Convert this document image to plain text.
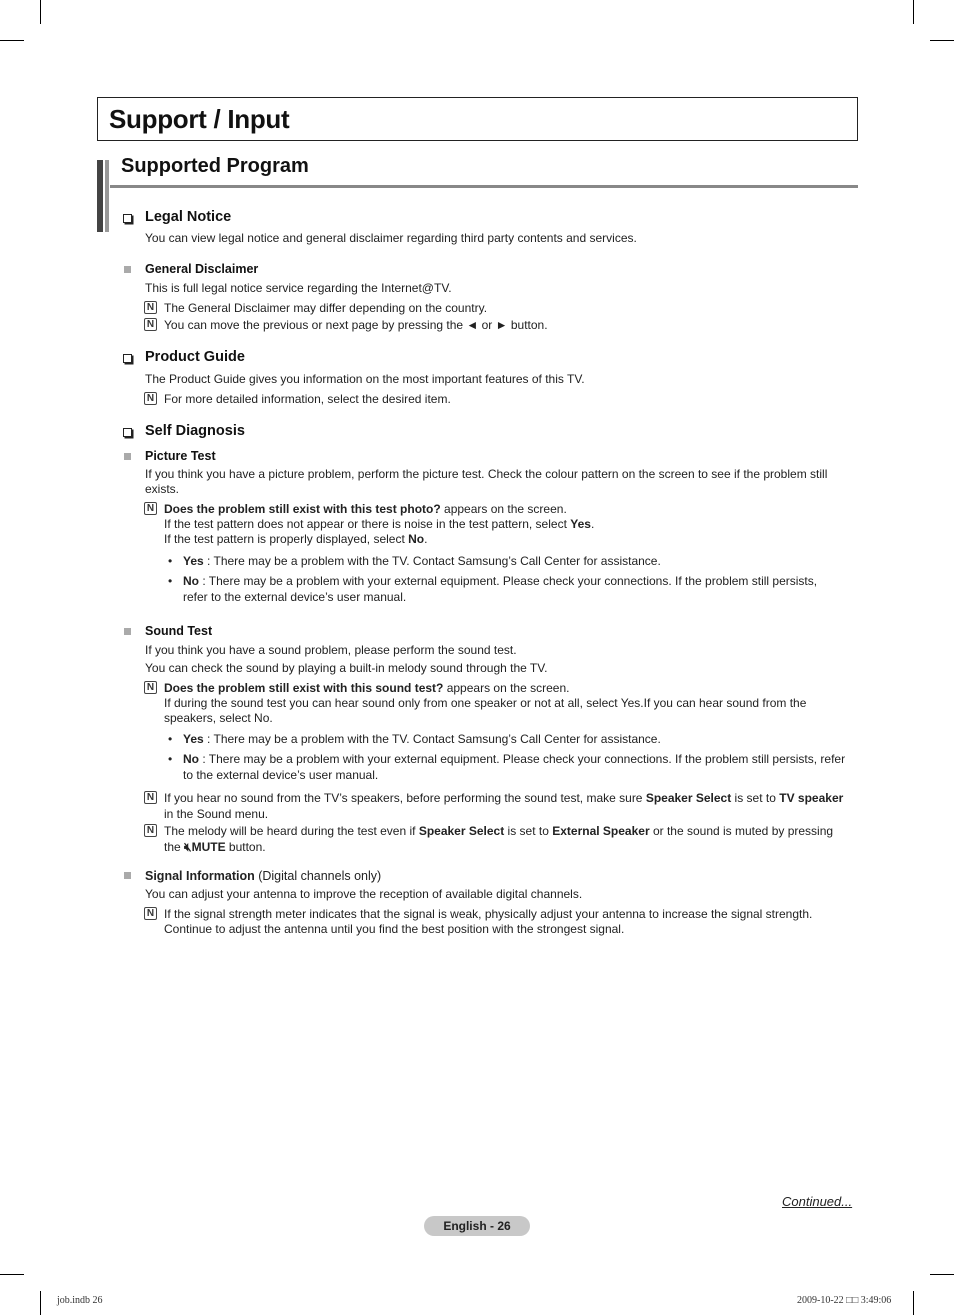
Support / Input
Supported Program
Legal Notice
You can view legal notice and general disclaimer regarding third party contents and services.
General Disclaimer
This is full legal notice service regarding the Internet@TV.
N The General Disclaimer may differ depending on the country.
N You can move the previous or next page by pressing the ◄ or ► button.
Product Guide
The Product Guide gives you information on the most important features of this TV.
N For more detailed information, select the desired item.
Self Diagnosis
Picture Test
If you think you have a picture problem, perform the picture test. Check the colour pattern on the screen to see if the problem still
exists.
N Does the problem still exist with this test photo? appears on the screen.
If the test pattern does not appear or there is noise in the test pattern, select Yes.
If the test pattern is properly displayed, select No.
• Yes : There may be a problem with the TV. Contact Samsung’s Call Center for assistance.
• No : There may be a problem with your external equipment. Please check your connections. If the problem still persists,
refer to the external device’s user manual.
Sound Test
If you think you have a sound problem, please perform the sound test.
You can check the sound by playing a built-in melody sound through the TV.
N Does the problem still exist with this sound test? appears on the screen.
If during the sound test you can hear sound only from one speaker or not at all, select Yes.If you can hear sound from the
speakers, select No.
• Yes : There may be a problem with the TV. Contact Samsung’s Call Center for assistance.
• No : There may be a problem with your external equipment. Please check your connections. If the problem still persists, refer
to the external device’s user manual.
N If you hear no sound from the TV’s speakers, before performing the sound test, make sure Speaker Select is set to TV speaker
in the Sound menu.
N The melody will be heard during the test even if Speaker Select is set to External Speaker or the sound is muted by pressing
the 🔇︎MUTE button.
Signal Information (Digital channels only)
You can adjust your antenna to improve the reception of available digital channels.
N If the signal strength meter indicates that the signal is weak, physically adjust your antenna to increase the signal strength.
Continue to adjust the antenna until you find the best position with the strongest signal.
Continued...
English - 26
job.indb 26	2009-10-22 □□ 3:49:06
